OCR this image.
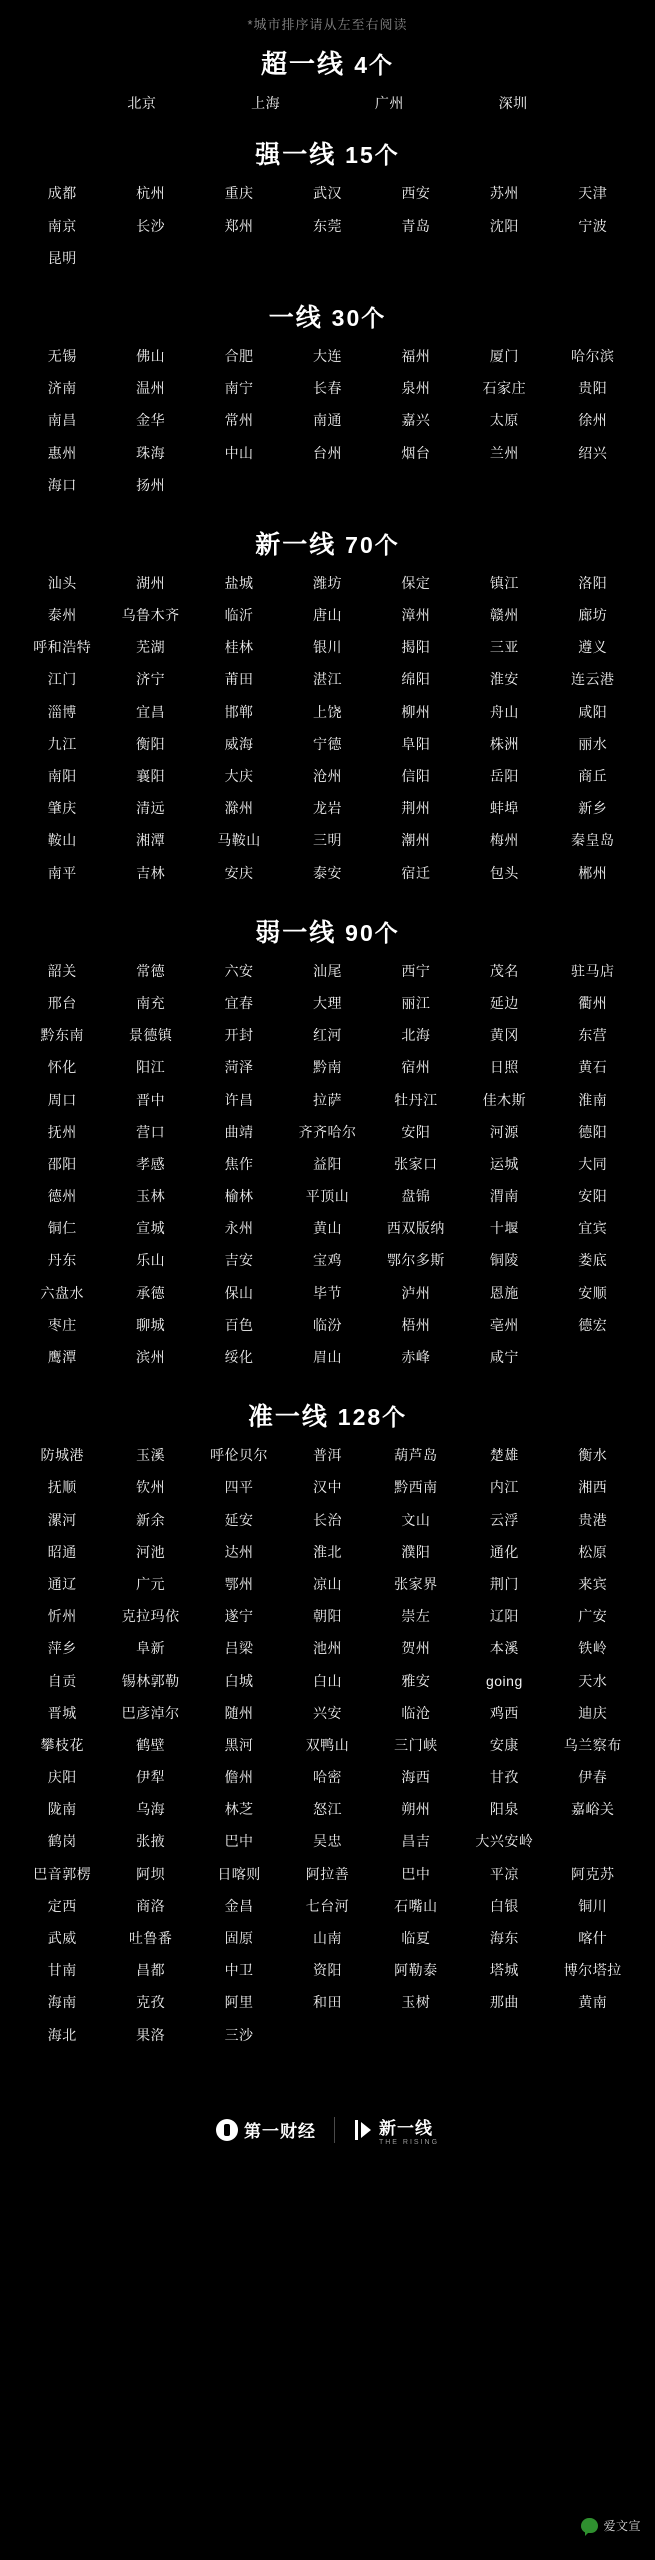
*城市排序请从左至右阅读
超一线 4个
北京	上海	广州	深圳
强一线 15个
成都	杭州	重庆	武汉	西安	苏州	天津
南京	长沙	郑州	东莞	青岛	沈阳	宁波
昆明
一线 30个
无锡	佛山	合肥	大连	福州	厦门	哈尔滨
济南	温州	南宁	长春	泉州	石家庄	贵阳
南昌	金华	常州	南通	嘉兴	太原	徐州
惠州	珠海	中山	台州	烟台	兰州	绍兴
海口	扬州
新一线 70个
汕头	湖州	盐城	潍坊	保定	镇江	洛阳
泰州	乌鲁木齐	临沂	唐山	漳州	赣州	廊坊
呼和浩特	芜湖	桂林	银川	揭阳	三亚	遵义
江门	济宁	莆田	湛江	绵阳	淮安	连云港
淄博	宜昌	邯郸	上饶	柳州	舟山	咸阳
九江	衡阳	威海	宁德	阜阳	株洲	丽水
南阳	襄阳	大庆	沧州	信阳	岳阳	商丘
肇庆	清远	滁州	龙岩	荆州	蚌埠	新乡
鞍山	湘潭	马鞍山	三明	潮州	梅州	秦皇岛
南平	吉林	安庆	泰安	宿迁	包头	郴州
弱一线 90个
韶关	常德	六安	汕尾	西宁	茂名	驻马店
邢台	南充	宜春	大理	丽江	延边	衢州
黔东南	景德镇	开封	红河	北海	黄冈	东营
怀化	阳江	菏泽	黔南	宿州	日照	黄石
周口	晋中	许昌	拉萨	牡丹江	佳木斯	淮南
抚州	营口	曲靖	齐齐哈尔	安阳	河源	德阳
邵阳	孝感	焦作	益阳	张家口	运城	大同
德州	玉林	榆林	平顶山	盘锦	渭南	安阳
铜仁	宣城	永州	黄山	西双版纳	十堰	宜宾
丹东	乐山	吉安	宝鸡	鄂尔多斯	铜陵	娄底
六盘水	承德	保山	毕节	泸州	恩施	安顺
枣庄	聊城	百色	临汾	梧州	亳州	德宏
鹰潭	滨州	绥化	眉山	赤峰	咸宁
准一线 128个
防城港	玉溪	呼伦贝尔	普洱	葫芦岛	楚雄	衡水
抚顺	钦州	四平	汉中	黔西南	内江	湘西
漯河	新余	延安	长治	文山	云浮	贵港
昭通	河池	达州	淮北	濮阳	通化	松原
通辽	广元	鄂州	凉山	张家界	荆门	来宾
忻州	克拉玛依	遂宁	朝阳	崇左	辽阳	广安
萍乡	阜新	吕梁	池州	贺州	本溪	铁岭
自贡	锡林郭勒	白城	白山	雅安	going	天水
晋城	巴彦淖尔	随州	兴安	临沧	鸡西	迪庆
攀枝花	鹤壁	黑河	双鸭山	三门峡	安康	乌兰察布
庆阳	伊犁	儋州	哈密	海西	甘孜	伊春
陇南	乌海	林芝	怒江	朔州	阳泉	嘉峪关
鹤岗	张掖	巴中	吴忠	昌吉	大兴安岭
巴音郭楞	阿坝	日喀则	阿拉善	巴中	平凉	阿克苏
定西	商洛	金昌	七台河	石嘴山	白银	铜川
武威	吐鲁番	固原	山南	临夏	海东	喀什
甘南	昌都	中卫	资阳	阿勒泰	塔城	博尔塔拉
海南	克孜	阿里	和田	玉树	那曲	黄南
海北	果洛	三沙
第一财经	新一线
THE RISING
爱文宣
